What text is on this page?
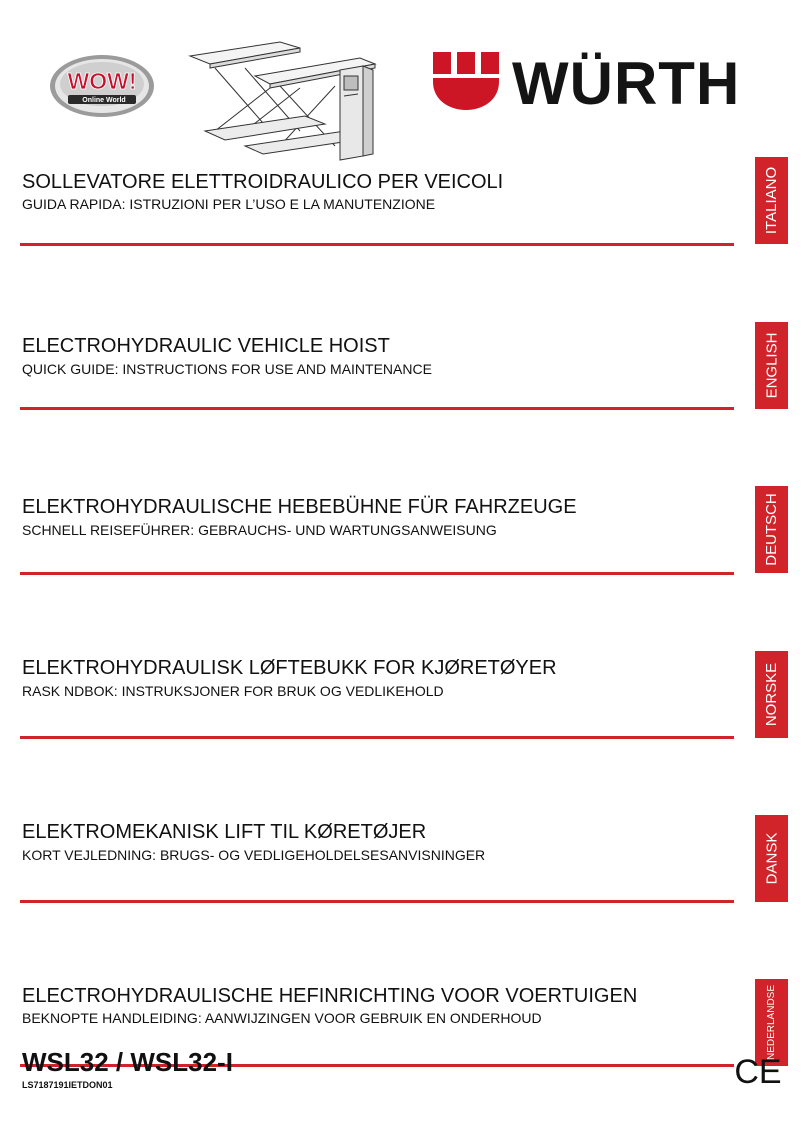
WOW!
Online World	WÜRTH
SOLLEVATORE ELETTROIDRAULICO PER VEICOLI
GUIDA RAPIDA: ISTRUZIONI PER L’USO E LA MANUTENZIONE	ITALIANO
ELECTROHYDRAULIC VEHICLE HOIST
QUICK GUIDE: INSTRUCTIONS FOR USE AND MAINTENANCE	ENGLISH
ELEKTROHYDRAULISCHE HEBEBÜHNE FÜR FAHRZEUGE
SCHNELL REISEFÜHRER: GEBRAUCHS- UND WARTUNGSANWEISUNG	DEUTSCH
ELEKTROHYDRAULISK LØFTEBUKK FOR KJØRETØYER
RASK NDBOK: INSTRUKSJONER FOR BRUK OG VEDLIKEHOLD	NORSKE
ELEKTROMEKANISK LIFT TIL KØRETØJER
KORT VEJLEDNING: BRUGS- OG VEDLIGEHOLDELSESANVISNINGER	DANSK
ELECTROHYDRAULISCHE HEFINRICHTING VOOR VOERTUIGEN
BEKNOPTE HANDLEIDING: AANWIJZINGEN VOOR GEBRUIK EN ONDERHOUD	NEDERLANDSE
WSL32 / WSL32-I
LS7187191IETDON01	CE
